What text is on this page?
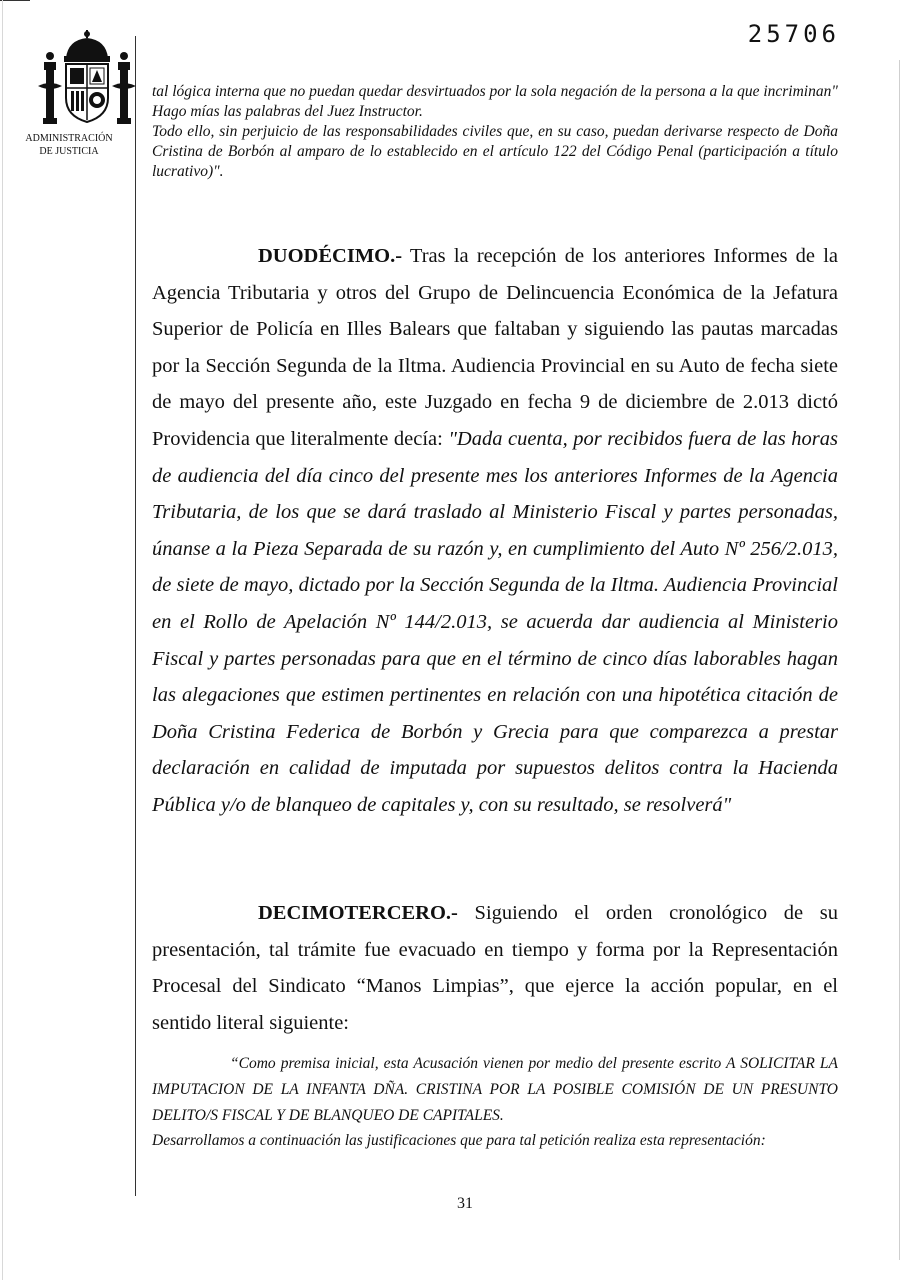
25706
ADMINISTRACIÓN
DE JUSTICIA

tal lógica interna que no puedan quedar desvirtuados por la sola negación de la persona a la que incriminan"

Hago mías las palabras del Juez Instructor.

Todo ello, sin perjuicio de las responsabilidades civiles que, en su caso, puedan derivarse respecto de Doña Cristina de Borbón al amparo de lo establecido en el artículo 122 del Código Penal (participación a título lucrativo)".

DUODÉCIMO.- Tras la recepción de los anteriores Informes de la Agencia Tributaria y otros del Grupo de Delincuencia Económica de la Jefatura Superior de Policía en Illes Balears que faltaban y siguiendo las pautas marcadas por la Sección Segunda de la Iltma. Audiencia Provincial en su Auto de fecha siete de mayo del presente año, este Juzgado en fecha 9 de diciembre de 2.013 dictó Providencia que literalmente decía: "Dada cuenta, por recibidos fuera de las horas de audiencia del día cinco del presente mes los anteriores Informes de la Agencia Tributaria, de los que se dará traslado al Ministerio Fiscal y partes personadas, únanse a la Pieza Separada de su razón y, en cumplimiento del Auto Nº 256/2.013, de siete de mayo, dictado por la Sección Segunda de la Iltma. Audiencia Provincial en el Rollo de Apelación Nº 144/2.013, se acuerda dar audiencia al Ministerio Fiscal y partes personadas para que en el término de cinco días laborables hagan las alegaciones que estimen pertinentes en relación con una hipotética citación de Doña Cristina Federica de Borbón y Grecia para que comparezca a prestar declaración en calidad de imputada por supuestos delitos contra la Hacienda Pública y/o de blanqueo de capitales y, con su resultado, se resolverá"

DECIMOTERCERO.- Siguiendo el orden cronológico de su presentación, tal trámite fue evacuado en tiempo y forma por la Representación Procesal del Sindicato “Manos Limpias”, que ejerce la acción popular, en el sentido literal siguiente:

“Como premisa inicial, esta Acusación vienen por medio del presente escrito A SOLICITAR LA IMPUTACION DE LA INFANTA DÑA. CRISTINA POR LA POSIBLE COMISIÓN DE UN PRESUNTO DELITO/S FISCAL Y DE BLANQUEO DE CAPITALES.

Desarrollamos a continuación las justificaciones que para tal petición realiza esta representación:

31
